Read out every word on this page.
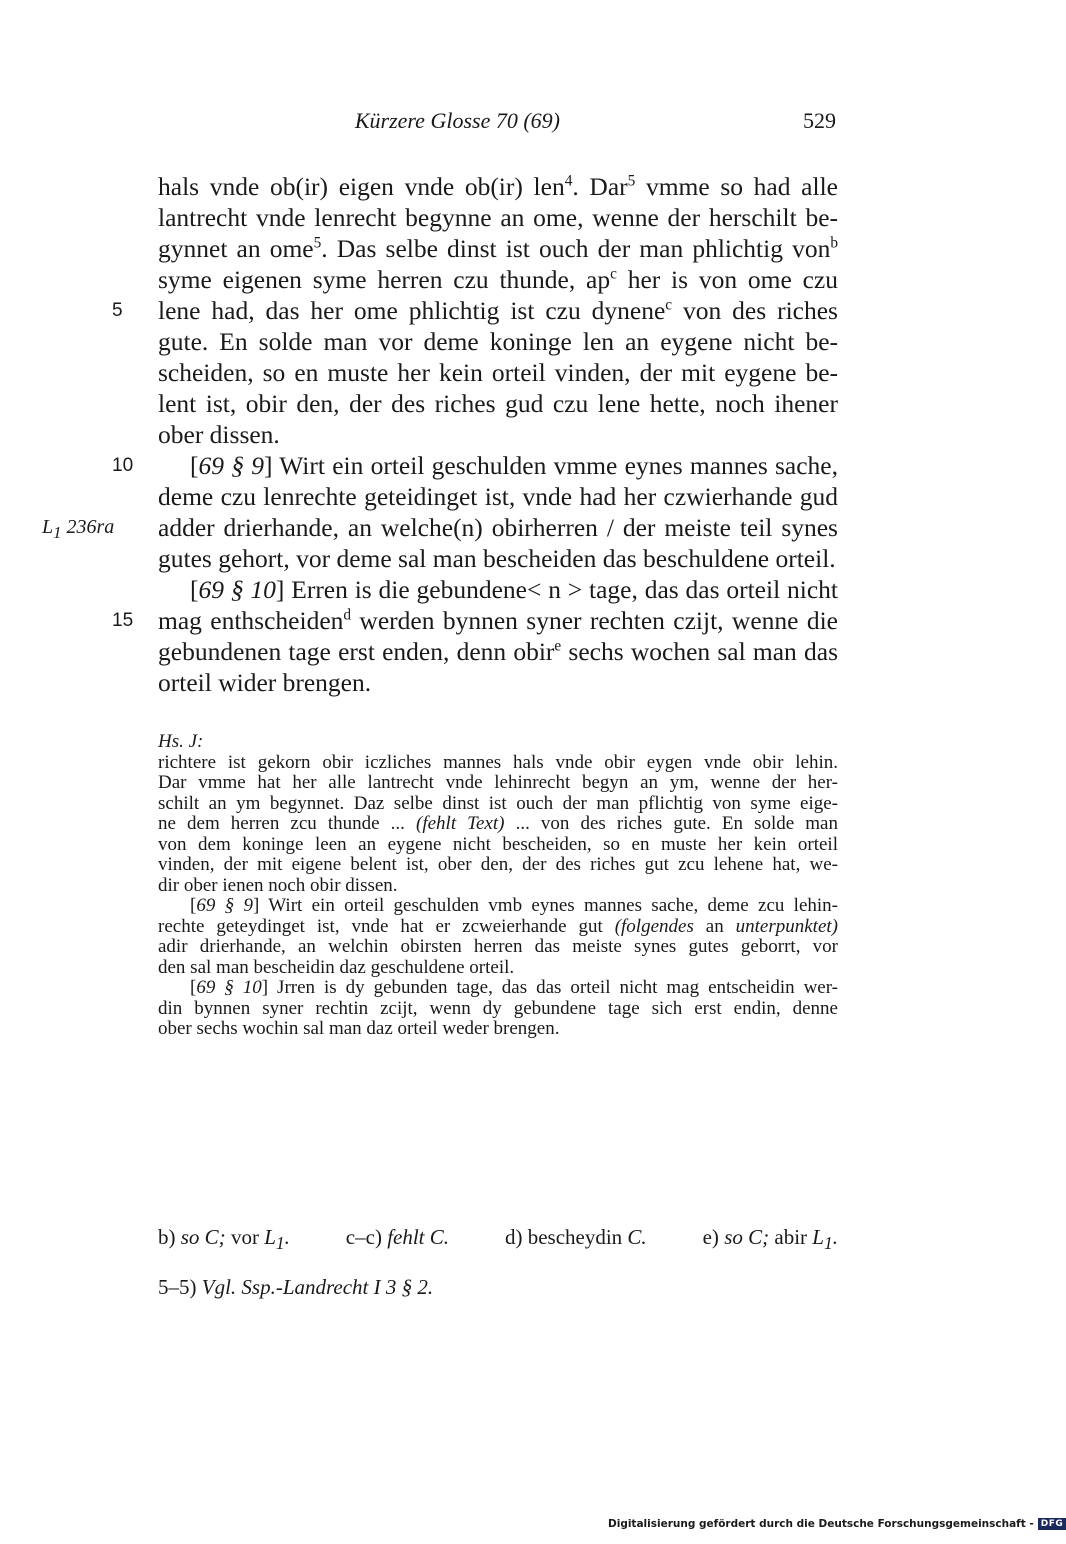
Kürzere Glosse 70 (69)	529
hals vnde ob(ir) eigen vnde ob(ir) len$^4$. Dar$^5$ vmme so had alle
lantrecht vnde lenrecht begynne an ome, wenne der herschilt be-
gynnet an ome$^5$. Das selbe dinst ist ouch der man phlichtig von$^b$
syme eigenen syme herren czu thunde, $ap^c$ her is von ome czu
5	lene had, das her ome phlichtig ist czu dynene$^c$ von des riches
gute. En solde man vor deme koninge len an eygene nicht be-
scheiden, so en muste her kein orteil vinden, der mit eygene be-
lent ist, obir den, der des riches gud czu lene hette, noch ihener
ober dissen.
10 [69 § 9] Wirt ein orteil geschulden vmme eynes mannes sache,
deme czu lenrechte geteidinget ist, vnde had her czwierhande gud
$L_1$ 236ra adder drierhande, an welche(n) obirherren / der meiste teil synes
gutes gehort, vor deme sal man bescheiden das beschuldene orteil.
[69 § 10] Erren is die gebundene< n > tage, das das orteil nicht
15 mag enthscheiden$^d$ werden bynnen syner rechten czijt, wenne die
gebundenen tage erst enden, denn obir$^e$ sechs wochen sal man das
orteil wider brengen.
Hs. J:
richtere ist gekorn obir iczliches mannes hals vnde obir eygen vnde obir lehin.
Dar vmme hat her alle lantrecht vnde lehinrecht begyn an ym, wenne der her-
schilt an ym begynnet. Daz selbe dinst ist ouch der man pflichtig von syme eige-
ne dem herren zcu thunde ... (fehlt Text) ... von des riches gute. En solde man
von dem koninge leen an eygene nicht bescheiden, so en muste her kein orteil
vinden, der mit eigene belent ist, ober den, der des riches gut zcu lehene hat, we-
dir ober ienen noch obir dissen.
[69 § 9] Wirt ein orteil geschulden vmb eynes mannes sache, deme zcu lehin-
rechte geteydinget ist, vnde hat er zcweierhande gut (folgendes an unterpunktet)
adir drierhande, an welchin obirsten herren das meiste synes gutes geborrt, vor
den sal man bescheidin daz geschuldene orteil.
[69 § 10] Jrren is dy gebunden tage, das das orteil nicht mag entscheidin wer-
din bynnen syner rechtin zcijt, wenn dy gebundene tage sich erst endin, denne
ober sechs wochin sal man daz orteil weder brengen.
b) so C; vor $L_1$.	c–c) fehlt C.	d) bescheydin C.	e) so C; abir $L_1$.
5–5) Vgl. Ssp.-Landrecht I 3 § 2.
Digitalisierung gefördert durch die Deutsche Forschungsgemeinschaft - DFG
